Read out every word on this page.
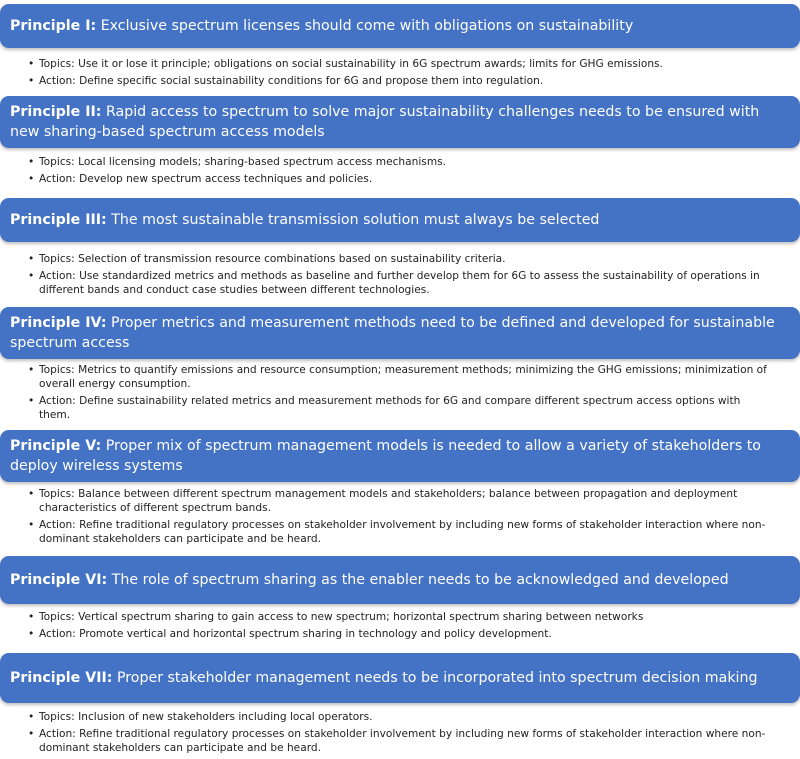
Principle I: Exclusive spectrum licenses should come with obligations on sustainability
• Topics: Use it or lose it principle; obligations on social sustainability in 6G spectrum awards; limits for GHG emissions.
• Action: Define specific social sustainability conditions for 6G and propose them into regulation.
Principle II: Rapid access to spectrum to solve major sustainability challenges needs to be ensured with new sharing-based spectrum access models
• Topics: Local licensing models; sharing-based spectrum access mechanisms.
• Action: Develop new spectrum access techniques and policies.
Principle III: The most sustainable transmission solution must always be selected
• Topics: Selection of transmission resource combinations based on sustainability criteria.
• Action: Use standardized metrics and methods as baseline and further develop them for 6G to assess the sustainability of operations in different bands and conduct case studies between different technologies.
Principle IV: Proper metrics and measurement methods need to be defined and developed for sustainable spectrum access
• Topics: Metrics to quantify emissions and resource consumption; measurement methods; minimizing the GHG emissions; minimization of overall energy consumption.
• Action: Define sustainability related metrics and measurement methods for 6G and compare different spectrum access options with them.
Principle V: Proper mix of spectrum management models is needed to allow a variety of stakeholders to deploy wireless systems
• Topics: Balance between different spectrum management models and stakeholders; balance between propagation and deployment characteristics of different spectrum bands.
• Action: Refine traditional regulatory processes on stakeholder involvement by including new forms of stakeholder interaction where non-dominant stakeholders can participate and be heard.
Principle VI: The role of spectrum sharing as the enabler needs to be acknowledged and developed
• Topics: Vertical spectrum sharing to gain access to new spectrum; horizontal spectrum sharing between networks
• Action: Promote vertical and horizontal spectrum sharing in technology and policy development.
Principle VII: Proper stakeholder management needs to be incorporated into spectrum decision making
• Topics: Inclusion of new stakeholders including local operators.
• Action: Refine traditional regulatory processes on stakeholder involvement by including new forms of stakeholder interaction where non-dominant stakeholders can participate and be heard.
